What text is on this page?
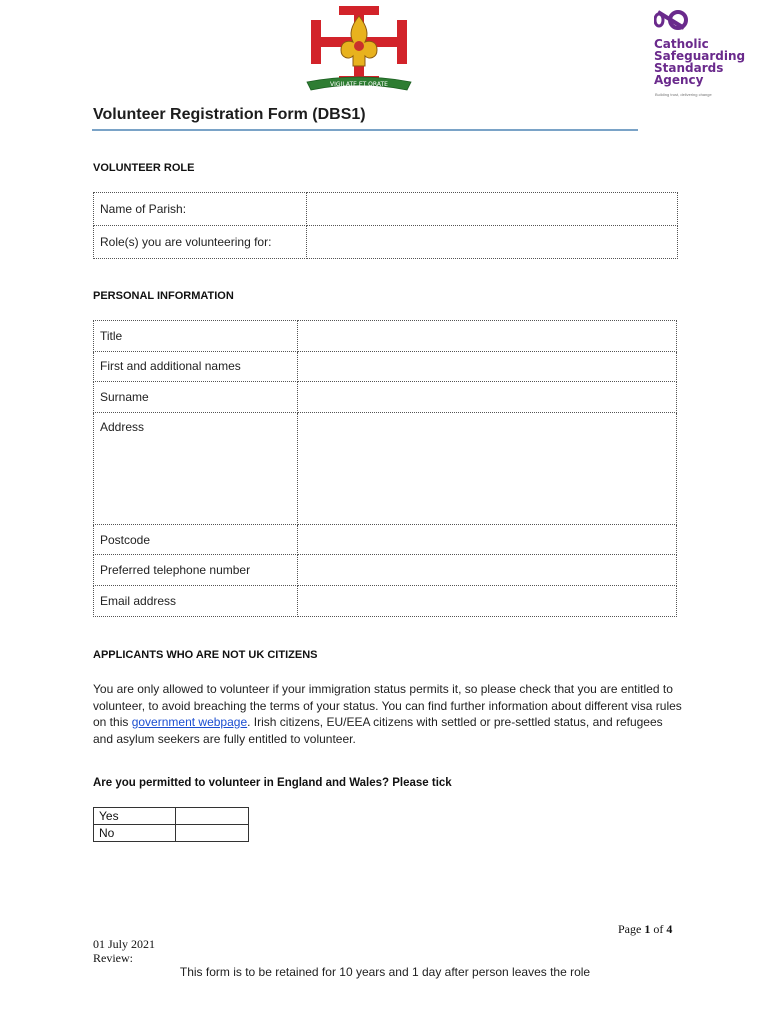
VIGILATE ET ORATE
Catholic
Safeguarding
Standards
Agency
Building trust, delivering change
Volunteer Registration Form (DBS1)
VOLUNTEER ROLE
Name of Parish:	
Role(s) you are volunteering for:	
PERSONAL INFORMATION
Title	
First and additional names	
Surname	
Address	
Postcode	
Preferred telephone number	
Email address	
APPLICANTS WHO ARE NOT UK CITIZENS
You are only allowed to volunteer if your immigration status permits it, so please check that you are entitled to volunteer, to avoid breaching the terms of your status. You can find further information about different visa rules on this government webpage. Irish citizens, EU/EEA citizens with settled or pre-settled status, and refugees and asylum seekers are fully entitled to volunteer.
Are you permitted to volunteer in England and Wales? Please tick
Yes	
No	
Page 1 of 4
01 July 2021
Review:
This form is to be retained for 10 years and 1 day after person leaves the role
